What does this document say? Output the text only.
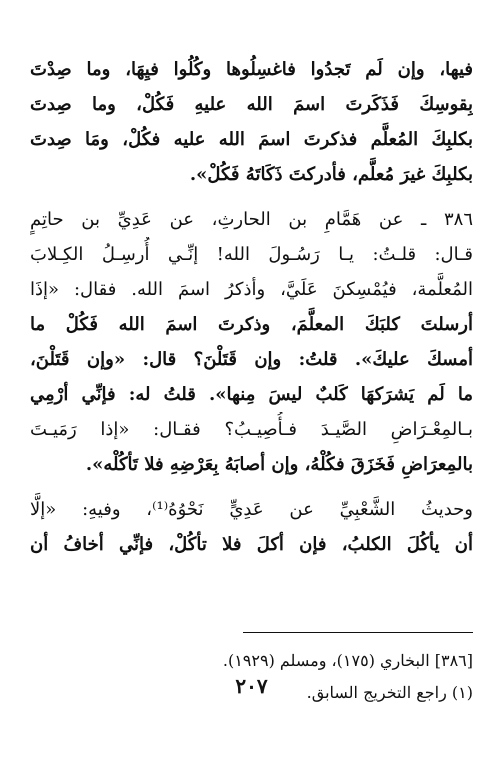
فيها، وإن لَم تَجدُوا فاغسِلُوها وكُلُوا فيِهَا، وما صِدْتَ
بِقوسِكَ فَذَكَرتَ اسمَ الله عليهِ فَكُلْ، وما صِدتَ
بكلبِكَ المُعلَّم فذكرتَ اسمَ الله عليه فكُلْ، ومَا صِدتَ
بكلبِكَ غيرَ مُعلَّم، فأدركتَ ذَكَاتَهُ فَكُلْ».
٣٨٦ ـ عن هَمَّامِ بن الحارثِ، عن عَدِيِّ بن حاتِمٍ
قـال: قلـتُ: يـا رَسُـولَ الله! إنِّـي أُرسِـلُ الكِـلابَ
المُعلَّمة، فيُمْسِكنَ عَلَيَّ، وأذكرُ اسمَ الله. فقال: «إذَا
أرسلتَ كلبَكَ المعلَّمَ، وذكرتَ اسمَ الله فَكُلْ ما
أمسكَ عليكَ». قلتُ: وإن قَتَلْنَ؟ قال: «وإن قَتَلْنَ،
ما لَم يَشرَكهَا كَلبٌ ليسَ مِنها». قلتُ له: فإنِّي أرْمِي
بـالمِعْـرَاضِ الصَّيـدَ فـأُصِيـبُ؟ فقـال: «إذا رَمَيـتَ
بالمِعرَاضِ فَخَزَقَ فكُلْهُ، وإن أصابَهُ بِعَرْضِهِ فلا تَأكُلْه».
وحديثُ الشَّعْبِيِّ عن عَدِيٍّ نَحْوُهُ⁽¹⁾، وفيهِ: «إلَّا
أن يأكُلَ الكلبُ، فإن أكلَ فلا تأكُلْ، فإنِّي أخافُ أن
[٣٨٦] البخاري (١٧٥)، ومسلم (١٩٢٩).
(١) راجع التخريج السابق.
٢٠٧
